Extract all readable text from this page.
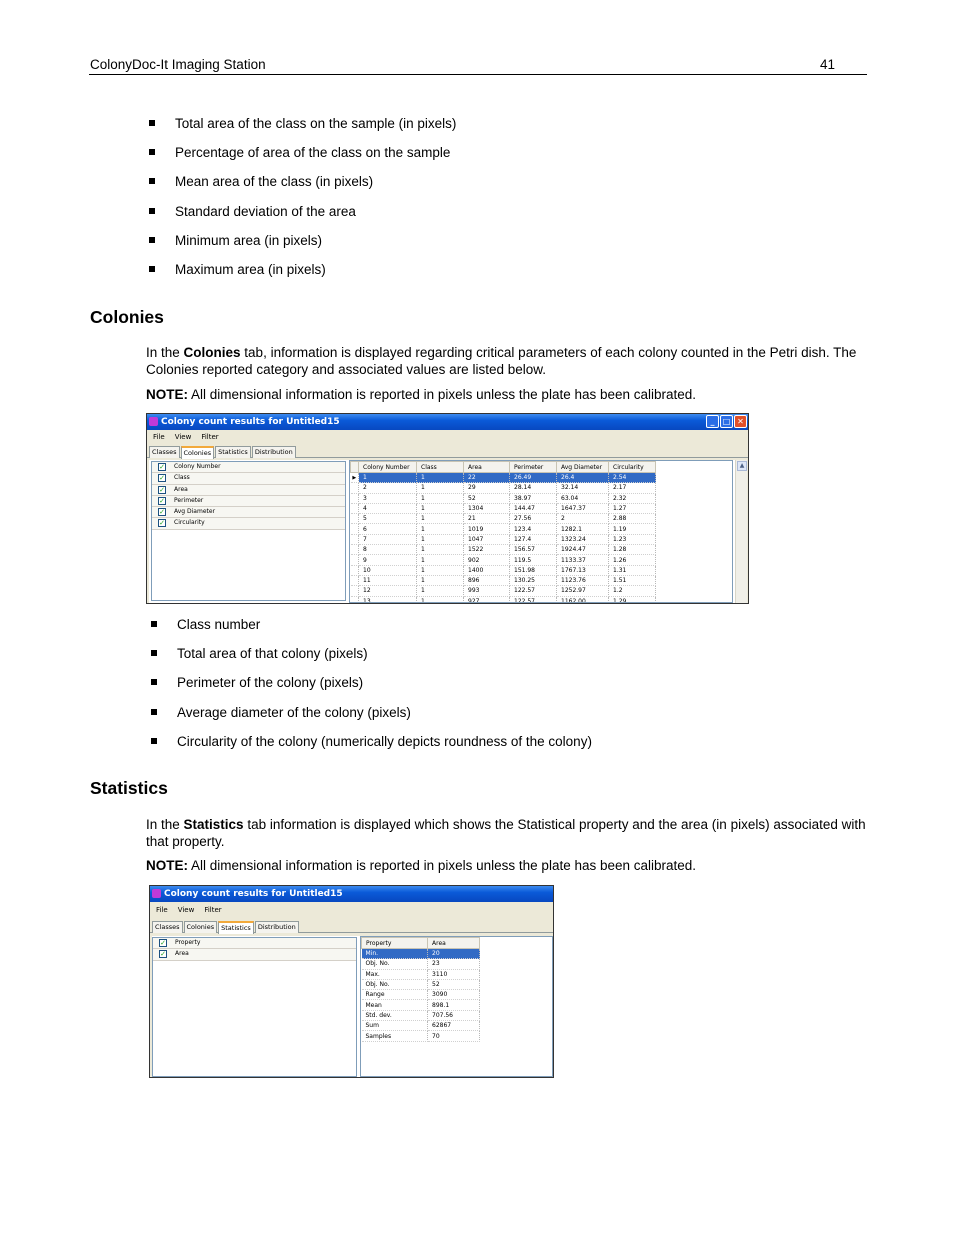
ColonyDoc-It Imaging Station	41
Total area of the class on the sample (in pixels)
Percentage of area of the class on the sample
Mean area of the class (in pixels)
Standard deviation of the area
Minimum area (in pixels)
Maximum area (in pixels)
Colonies

In the Colonies tab, information is displayed regarding critical parameters of each colony counted in the Petri dish. The Colonies reported category and associated values are listed below.

NOTE: All dimensional information is reported in pixels unless the plate has been calibrated.

Colony count results for Untitled15	_	□ ✕
File View Filter
Classes	Colonies	Statistics	Distribution
✓ Colony Number
✓ Class
✓ Area
✓ Perimeter
✓ Avg Diameter
✓ Circularity
	Colony Number	Class	Area	Perimeter	Avg Diameter	Circularity
▶	1	1	22	26.49	26.4	2.54
	2	1	29	28.14	32.14	2.17
	3	1	52	38.97	63.04	2.32
	4	1	1304	144.47	1647.37	1.27
	5	1	21	27.56	2	2.88
	6	1	1019	123.4	1282.1	1.19
	7	1	1047	127.4	1323.24	1.23
	8	1	1522	156.57	1924.47	1.28
	9	1	902	119.5	1133.37	1.26
	10	1	1400	151.98	1767.13	1.31
	11	1	896	130.25	1123.76	1.51
	12	1	993	122.57	1252.97	1.2
	13	1	927	122.57	1162.00	1.29
▲
Class number
Total area of that colony (pixels)
Perimeter of the colony (pixels)
Average diameter of the colony (pixels)
Circularity of the colony (numerically depicts roundness of the colony)
Statistics

In the Statistics tab information is displayed which shows the Statistical property and the area (in pixels) associated with that property.

NOTE: All dimensional information is reported in pixels unless the plate has been calibrated.

Colony count results for Untitled15
File View Filter
Classes	Colonies	Statistics	Distribution
✓ Property
✓ Area
Property	Area
Min.	20
Obj. No.	23
Max.	3110
Obj. No.	52
Range	3090
Mean	898.1
Std. dev.	707.56
Sum	62867
Samples	70
